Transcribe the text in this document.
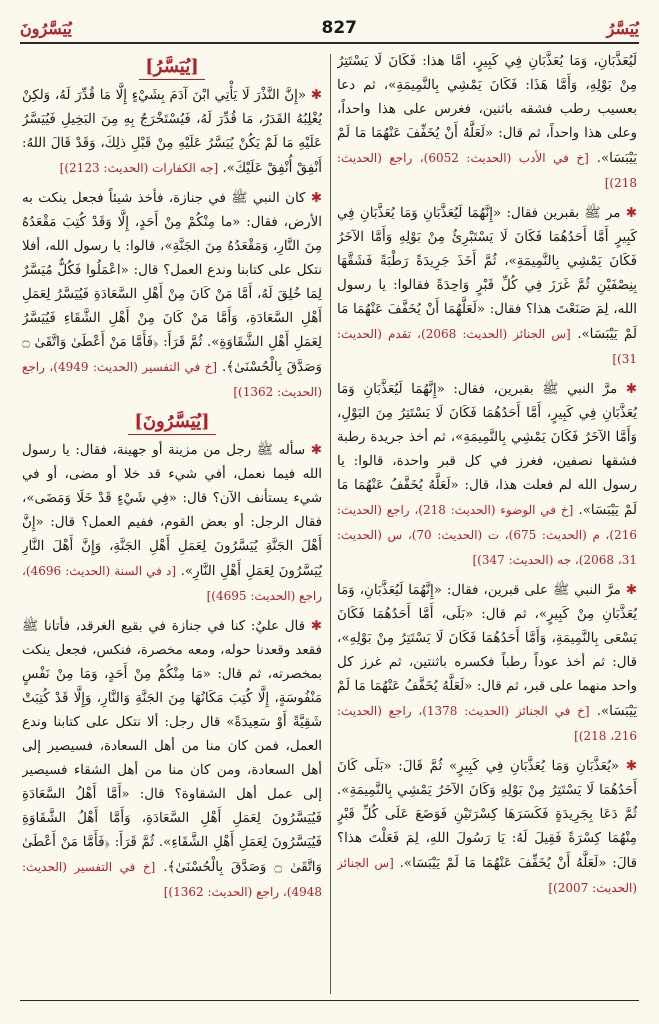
يُيَسَّرُونَ	827	يُيَسَّرُ

لَيُعَذَّبَانِ، وَمَا يُعَذَّبَانِ فِي كَبِيرٍ، أمَّا هذا: فَكَانَ لَا يَسْتَتِرُ مِنْ بَوْلِهِ، وَأَمَّا هَذَا: فَكَانَ يَمْشِي بِالنَّمِيمَةِ»، ثم دعا بعسيب رطب فشقه باثنين، فغرس على هذا واحداً، وعلى هذا واحداً، ثم قال: «لَعَلَّهُ أَنْ يُخَفِّفَ عَنْهُمَا مَا لَمْ يَيْبَسَا». [خ في الأدب (الحديث: 6052)، راجع (الحديث: 218)]

✱ مر ﷺ بقبرين فقال: «إِنَّهُمَا لَيُعَذَّبَانِ وَمَا يُعَذَّبَانِ فِي كَبِيرٍ أَمَّا أَحَدُهُمَا فَكَانَ لَا يَسْتَبْرِئُ مِنْ بَوْلِهِ وَأَمَّا الآخَرُ فَكَانَ يَمْشِي بِالنَّمِيمَةِ»، ثُمَّ أَخَذَ جَرِيدَةً رَطْبَةً فَشَقَّهَا بِنِصْفَيْنِ ثُمَّ غَرَزَ فِي كُلِّ قَبْرٍ وَاحِدَةً فقالوا: يا رسول الله، لِمَ صَنَعْتَ هذا؟ فقال: «لَعَلَّهُمَا أَنْ يُخَفَّفَ عَنْهُمَا مَا لَمْ يَيْبَسَا». [س الجنائز (الحديث: 2068)، تقدم (الحديث: 31)]

✱ مرَّ النبي ﷺ بقبرين، فقال: «إِنَّهُمَا لَيُعَذَّبَانِ وَمَا يُعَذَّبَانِ فِي كَبِيرٍ، أَمَّا أَحَدُهُمَا فَكَانَ لَا يَسْتَتِرُ مِنَ البَوْلِ، وَأَمَّا الآخَرُ فَكَانَ يَمْشِي بِالنَّمِيمَةِ»، ثم أخذ جريدة رطبة فشقها نصفين، فغرز في كل قبر واحدة، قالوا: يا رسول الله لم فعلت هذا، قال: «لَعَلَّهُ يُخَفَّفُ عَنْهُمَا مَا لَمْ يَيْبَسَا». [خ في الوضوء (الحديث: 218)، راجع (الحديث: 216)، م (الحديث: 675)، ت (الحديث: 70)، س (الحديث: 31، 2068)، جه (الحديث: 347)]

✱ مرَّ النبي ﷺ على قبرين، فقال: «إِنَّهُمَا لَيُعَذَّبَانِ، وَمَا يُعَذَّبَانِ مِنْ كَبِيرٍ»، ثم قال: «بَلَى، أَمَّا أَحَدُهُمَا فَكَانَ يَسْعَى بِالنَّمِيمَةِ، وَأَمَّا أَحَدُهُمَا فَكَانَ لَا يَسْتَتِرُ مِنْ بَوْلِهِ»، قال: ثم أخذ عوداً رطباً فكسره باثنتين، ثم غرز كل واحد منهما على قبر، ثم قال: «لَعَلَّهُ يُخَفَّفُ عَنْهُمَا مَا لَمْ يَيْبَسَا». [خ في الجنائز (الحديث: 1378)، راجع (الحديث: 216، 218)]

✱ «يُعَذَّبَانِ وَمَا يُعَذَّبَانِ فِي كَبِيرٍ» ثُمَّ قَالَ: «بَلَى كَانَ أَحَدُهُمَا لَا يَسْتَتِرُ مِنْ بَوْلِهِ وَكَانَ الآخَرُ يَمْشِي بِالنَّمِيمَةِ». ثُمَّ دَعَا بِجَرِيدَةٍ فَكَسَرَهَا كِسْرَتَيْنِ فَوَضَعَ عَلَى كُلِّ قَبْرٍ مِنْهُمَا كِسْرَةً فَقِيلَ لَهُ: يَا رَسُولَ اللهِ، لِمَ فَعَلْتَ هذا؟ قالَ: «لَعَلَّهُ أَنْ يُخَفِّفَ عَنْهُمَا مَا لَمْ يَيْبَسَا». [س الجنائز (الحديث: 2007)]

[يُيَسَّرُ]

✱ «إِنَّ النَّذْرَ لَا يَأْتِي ابْنَ آدَمَ بِشَيْءٍ إِلَّا مَا قُدِّرَ لَهُ، وَلكِنْ يُغْلِبُهُ القَدَرُ، مَا قُدِّرَ لَهُ، فَيُسْتَخْرَجُ بِهِ مِنَ البَخِيلِ فَيُيَسَّرُ عَلَيْهِ مَا لَمْ يَكُنْ يُيَسَّرُ عَلَيْهِ مِنْ قَبْلِ ذلِكَ، وَقَدْ قَالَ اللهُ: أَنْفِقْ أُنْفِقْ عَلَيْكَ». [جه الكفارات (الحديث: 2123)]

✱ كان النبي ﷺ في جنازة، فأخذ شيئاً فجعل ينكت به الأرض، فقال: «ما مِنْكُمْ مِنْ أَحَدٍ، إِلَّا وَقَدْ كُتِبَ مَقْعَدُهُ مِنَ النَّارِ، وَمَقْعَدُهُ مِنَ الجَنَّةِ»، قالوا: يا رسول الله، أفلا نتكل على كتابنا وندع العمل؟ قال: «اعْمَلُوا فَكُلٌّ مُيَسَّرٌ لِمَا خُلِقَ لَهُ، أَمَّا مَنْ كَانَ مِنْ أَهْلِ السَّعَادَةِ فَيُيَسَّرُ لِعَمَلِ أَهْلِ السَّعَادَةِ، وَأَمَّا مَنْ كَانَ مِنْ أَهْلِ الشَّقَاءِ فَيُيَسَّرُ لِعَمَلِ أَهْلِ الشَّقَاوَةِ». ثُمَّ قَرَأَ: ﴿فَأَمَّا مَنْ أَعْطَىٰ وَاتَّقَىٰ ۝ وَصَدَّقَ بِالْحُسْنَىٰ﴾. [خ في التفسير (الحديث: 4949)، راجع (الحديث: 1362)]

[يُيَسَّرُونَ]

✱ سأله ﷺ رجل من مزينة أو جهينة، فقال: يا رسول الله فيما نعمل، أفي شيء قد خلا أو مضى، أو في شيء يستأنف الآن؟ قال: «فِي شَيْءٍ قَدْ خَلَا وَمَضَى»، فقال الرجل: أو بعض القوم، ففيم العمل؟ قال: «إِنَّ أَهْلَ الجَنَّةِ يُيَسَّرُونَ لِعَمَلِ أَهْلِ الجَنَّةِ، وَإِنَّ أَهْلَ النَّارِ يُيَسَّرُونَ لِعَمَلِ أَهْلِ النَّارِ». [د في السنة (الحديث: 4696)، راجع (الحديث: 4695)]

✱ قال عليٌ: كنا في جنازة في بقيع الغرقد، فأتانا ﷺ فقعد وقعدنا حوله، ومعه مخصرة، فنكس، فجعل ينكت بمخصرته، ثم قال: «مَا مِنْكُمْ مِنْ أَحَدٍ، وَمَا مِنْ نَفْسٍ مَنْفُوسَةٍ، إِلَّا كُتِبَ مَكَانُهَا مِنَ الجَنَّةِ وَالنَّارِ، وَإِلَّا قَدْ كُتِبَتْ شَقِيَّةً أَوْ سَعِيدَةً» قال رجل: ألا نتكل على كتابنا وندع العمل، فمن كان منا من أهل السعادة، فسيصير إلى أهل السعادة، ومن كان منا من أهل الشقاء فسيصير إلى عمل أهل الشقاوة؟ قال: «أَمَّا أَهْلُ السَّعَادَةِ فَيُيَسَّرُونَ لِعَمَلِ أَهْلِ السَّعَادَةِ، وَأَمَّا أَهْلُ الشَّقَاوَةِ فَيُيَسَّرُونَ لِعَمَلِ أَهْلِ الشَّقَاءِ». ثُمَّ قَرَأَ: ﴿فَأَمَّا مَنْ أَعْطَىٰ وَاتَّقَىٰ ۝ وَصَدَّقَ بِالْحُسْنَىٰ﴾. [خ في التفسير (الحديث: 4948)، راجع (الحديث: 1362)]
